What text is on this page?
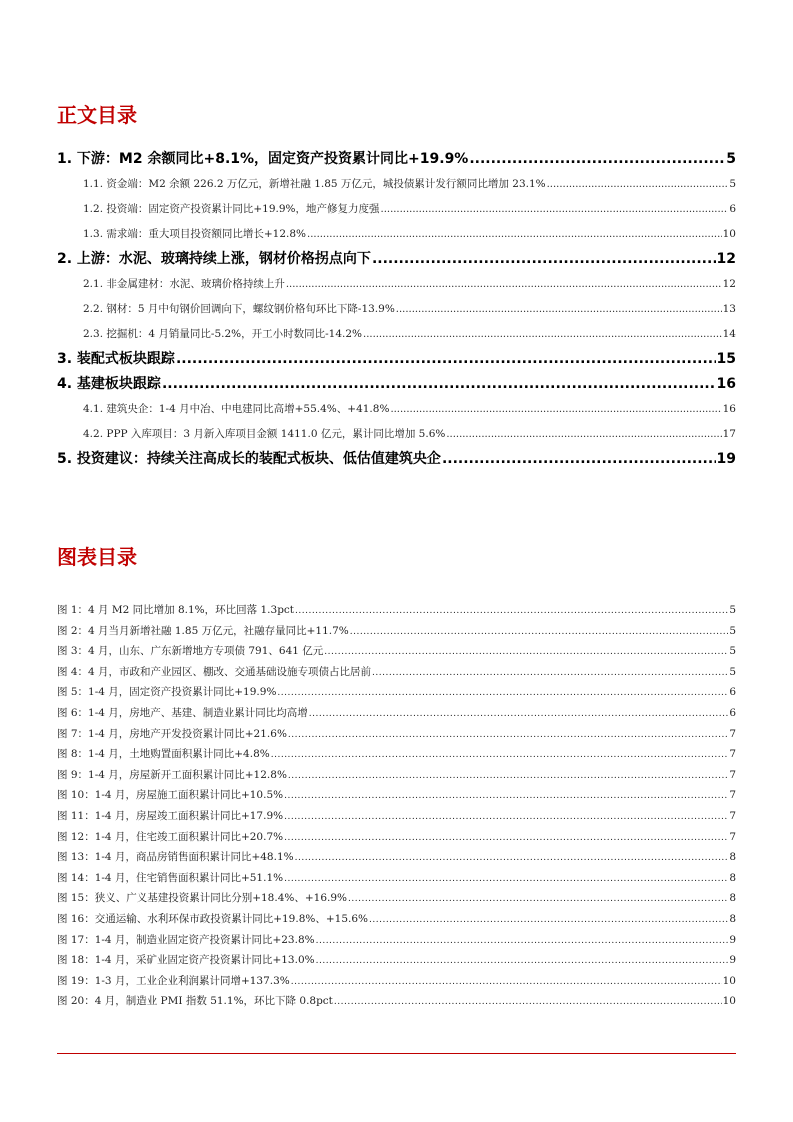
正文目录
1. 下游：M2 余额同比+8.1%，固定资产投资累计同比+19.9% .....	5
1.1. 资金端：M2 余额 226.2 万亿元，新增社融 1.85 万亿元，城投债累计发行额同比增加 23.1% .....	5
1.2. 投资端：固定资产投资累计同比+19.9%，地产修复力度强 .....	6
1.3. 需求端：重大项目投资额同比增长+12.8% .....	10
2. 上游：水泥、玻璃持续上涨，钢材价格拐点向下 .....	12
2.1. 非金属建材：水泥、玻璃价格持续上升 .....	12
2.2. 钢材：5 月中旬钢价回调向下，螺纹钢价格旬环比下降-13.9% .....	13
2.3. 挖掘机：4 月销量同比-5.2%，开工小时数同比-14.2% .....	14
3. 装配式板块跟踪 .....	15
4. 基建板块跟踪 .....	16
4.1. 建筑央企：1-4 月中冶、中电建同比高增+55.4%、+41.8% .....	16
4.2. PPP 入库项目：3 月新入库项目金额 1411.0 亿元，累计同比增加 5.6% .....	17
5. 投资建议：持续关注高成长的装配式板块、低估值建筑央企 .....	19
图表目录
图 1：4 月 M2 同比增加 8.1%，环比回落 1.3pct .....	5
图 2：4 月当月新增社融 1.85 万亿元，社融存量同比+11.7% .....	5
图 3：4 月，山东、广东新增地方专项债 791、641 亿元 .....	5
图 4：4 月，市政和产业园区、棚改、交通基础设施专项债占比居前 .....	5
图 5：1-4 月，固定资产投资累计同比+19.9% .....	6
图 6：1-4 月，房地产、基建、制造业累计同比均高增 .....	6
图 7：1-4 月，房地产开发投资累计同比+21.6% .....	7
图 8：1-4 月，土地购置面积累计同比+4.8% .....	7
图 9：1-4 月，房屋新开工面积累计同比+12.8% .....	7
图 10：1-4 月，房屋施工面积累计同比+10.5% .....	7
图 11：1-4 月，房屋竣工面积累计同比+17.9% .....	7
图 12：1-4 月，住宅竣工面积累计同比+20.7% .....	7
图 13：1-4 月，商品房销售面积累计同比+48.1% .....	8
图 14：1-4 月，住宅销售面积累计同比+51.1% .....	8
图 15：狭义、广义基建投资累计同比分别+18.4%、+16.9% .....	8
图 16：交通运输、水利环保市政投资累计同比+19.8%、+15.6% .....	8
图 17：1-4 月，制造业固定资产投资累计同比+23.8% .....	9
图 18：1-4 月，采矿业固定资产投资累计同比+13.0% .....	9
图 19：1-3 月，工业企业利润累计同增+137.3% .....	10
图 20：4 月，制造业 PMI 指数 51.1%，环比下降 0.8pct .....	10
